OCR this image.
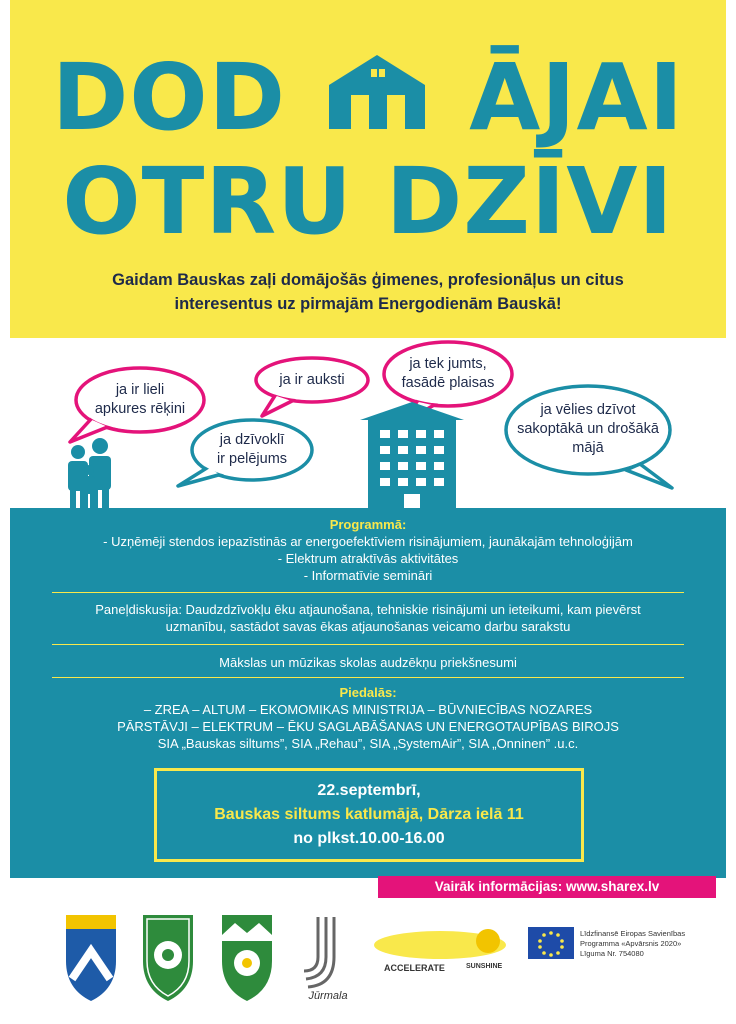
DOD ĀJAI
OTRU DZĪVI
Gaidam Bauskas zaļi domājošās ģimenes, profesionāļus un citus
interesentus uz pirmajām Energodienām Bauskā!
ja ir lieli
apkures rēķini
ja ir auksti
ja dzīvoklī
ir pelējums
ja tek jumts,
fasādē plaisas
ja vēlies dzīvot
sakoptākā un drošākā
mājā
Programmā:
- Uzņēmēji stendos iepazīstinās ar energoefektīviem risinājumiem, jaunākajām tehnoloģijām
- Elektrum atraktīvās aktivitātes
- Informatīvie semināri
Paneļdiskusija: Daudzdzīvokļu ēku atjaunošana, tehniskie risinājumi un ieteikumi, kam pievērst
uzmanību, sastādot savas ēkas atjaunošanas veicamo darbu sarakstu
Mākslas un mūzikas skolas audzēkņu priekšnesumi
Piedalās:
– ZREA – ALTUM – EKOMOMIKAS MINISTRIJA – BŪVNIECĪBAS NOZARES
PĀRSTĀVJI – ELEKTRUM – ĒKU SAGLABĀŠANAS UN ENERGOTAUPĪBAS BIROJS
SIA „Bauskas siltums”, SIA „Rehau”, SIA „SystemAir”, SIA „Onninen” .u.c.
22.septembrī,
Bauskas siltums katlumājā, Dārza ielā 11
no plkst.10.00-16.00
Vairāk informācijas: www.sharex.lv
Jūrmala
ACCELERATE	SUNSHINE
Līdzfinansē Eiropas Savienības
Programma «Apvārsnis 2020»
Līguma Nr. 754080
